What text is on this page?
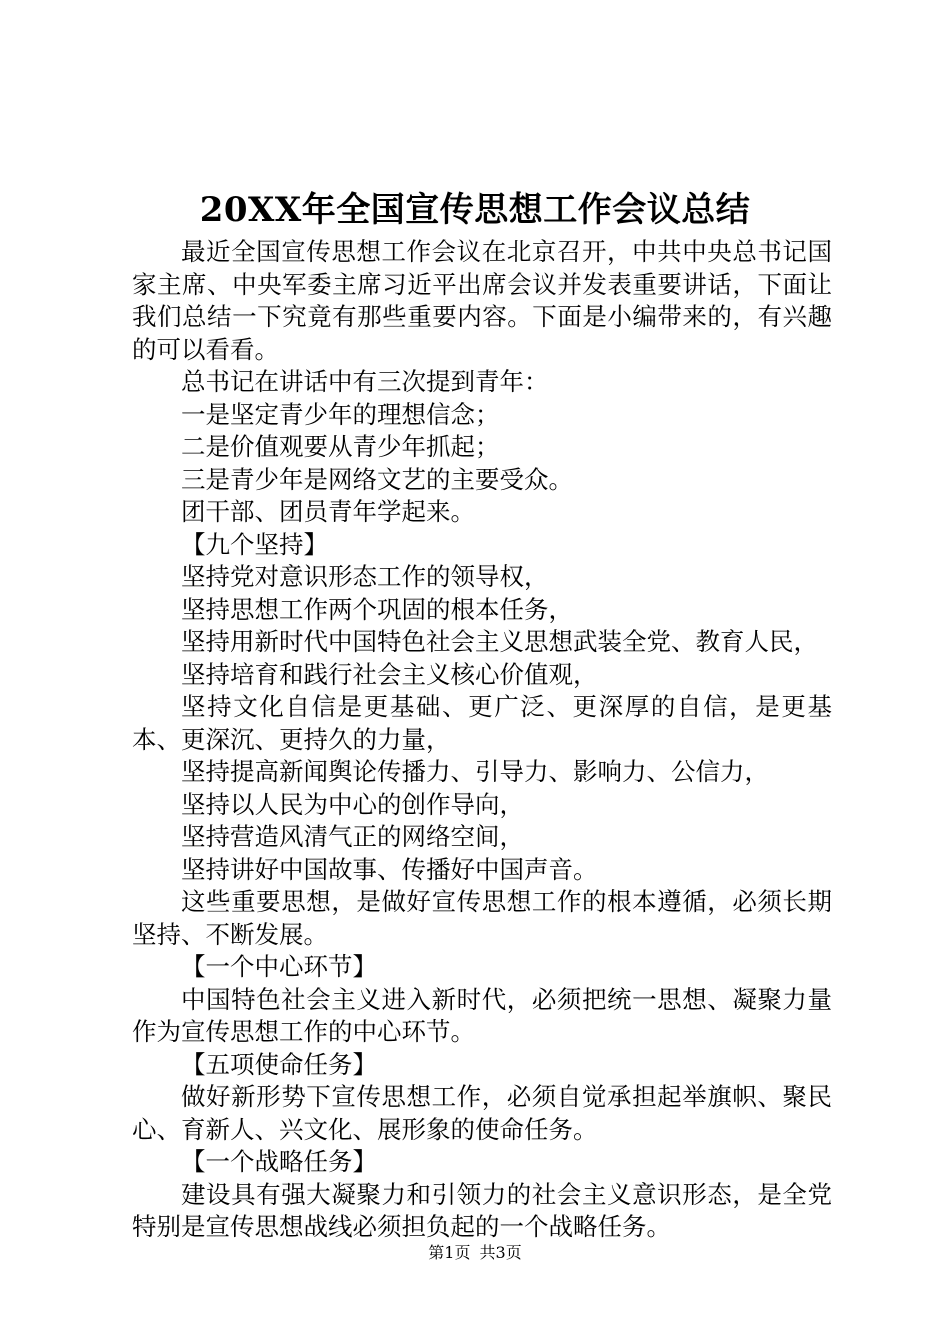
20XX年全国宣传思想工作会议总结

最近全国宣传思想工作会议在北京召开，中共中央总书记国家主席、中央军委主席习近平出席会议并发表重要讲话，下面让我们总结一下究竟有那些重要内容。下面是小编带来的，有兴趣的可以看看。

总书记在讲话中有三次提到青年：

一是坚定青少年的理想信念；

二是价值观要从青少年抓起；

三是青少年是网络文艺的主要受众。

团干部、团员青年学起来。

【九个坚持】

坚持党对意识形态工作的领导权，

坚持思想工作两个巩固的根本任务，

坚持用新时代中国特色社会主义思想武装全党、教育人民，

坚持培育和践行社会主义核心价值观，

坚持文化自信是更基础、更广泛、更深厚的自信，是更基本、更深沉、更持久的力量，

坚持提高新闻舆论传播力、引导力、影响力、公信力，

坚持以人民为中心的创作导向，

坚持营造风清气正的网络空间，

坚持讲好中国故事、传播好中国声音。

这些重要思想，是做好宣传思想工作的根本遵循，必须长期坚持、不断发展。

【一个中心环节】

中国特色社会主义进入新时代，必须把统一思想、凝聚力量作为宣传思想工作的中心环节。

【五项使命任务】

做好新形势下宣传思想工作，必须自觉承担起举旗帜、聚民心、育新人、兴文化、展形象的使命任务。

【一个战略任务】

建设具有强大凝聚力和引领力的社会主义意识形态，是全党特别是宣传思想战线必须担负起的一个战略任务。

第1页 共3页
